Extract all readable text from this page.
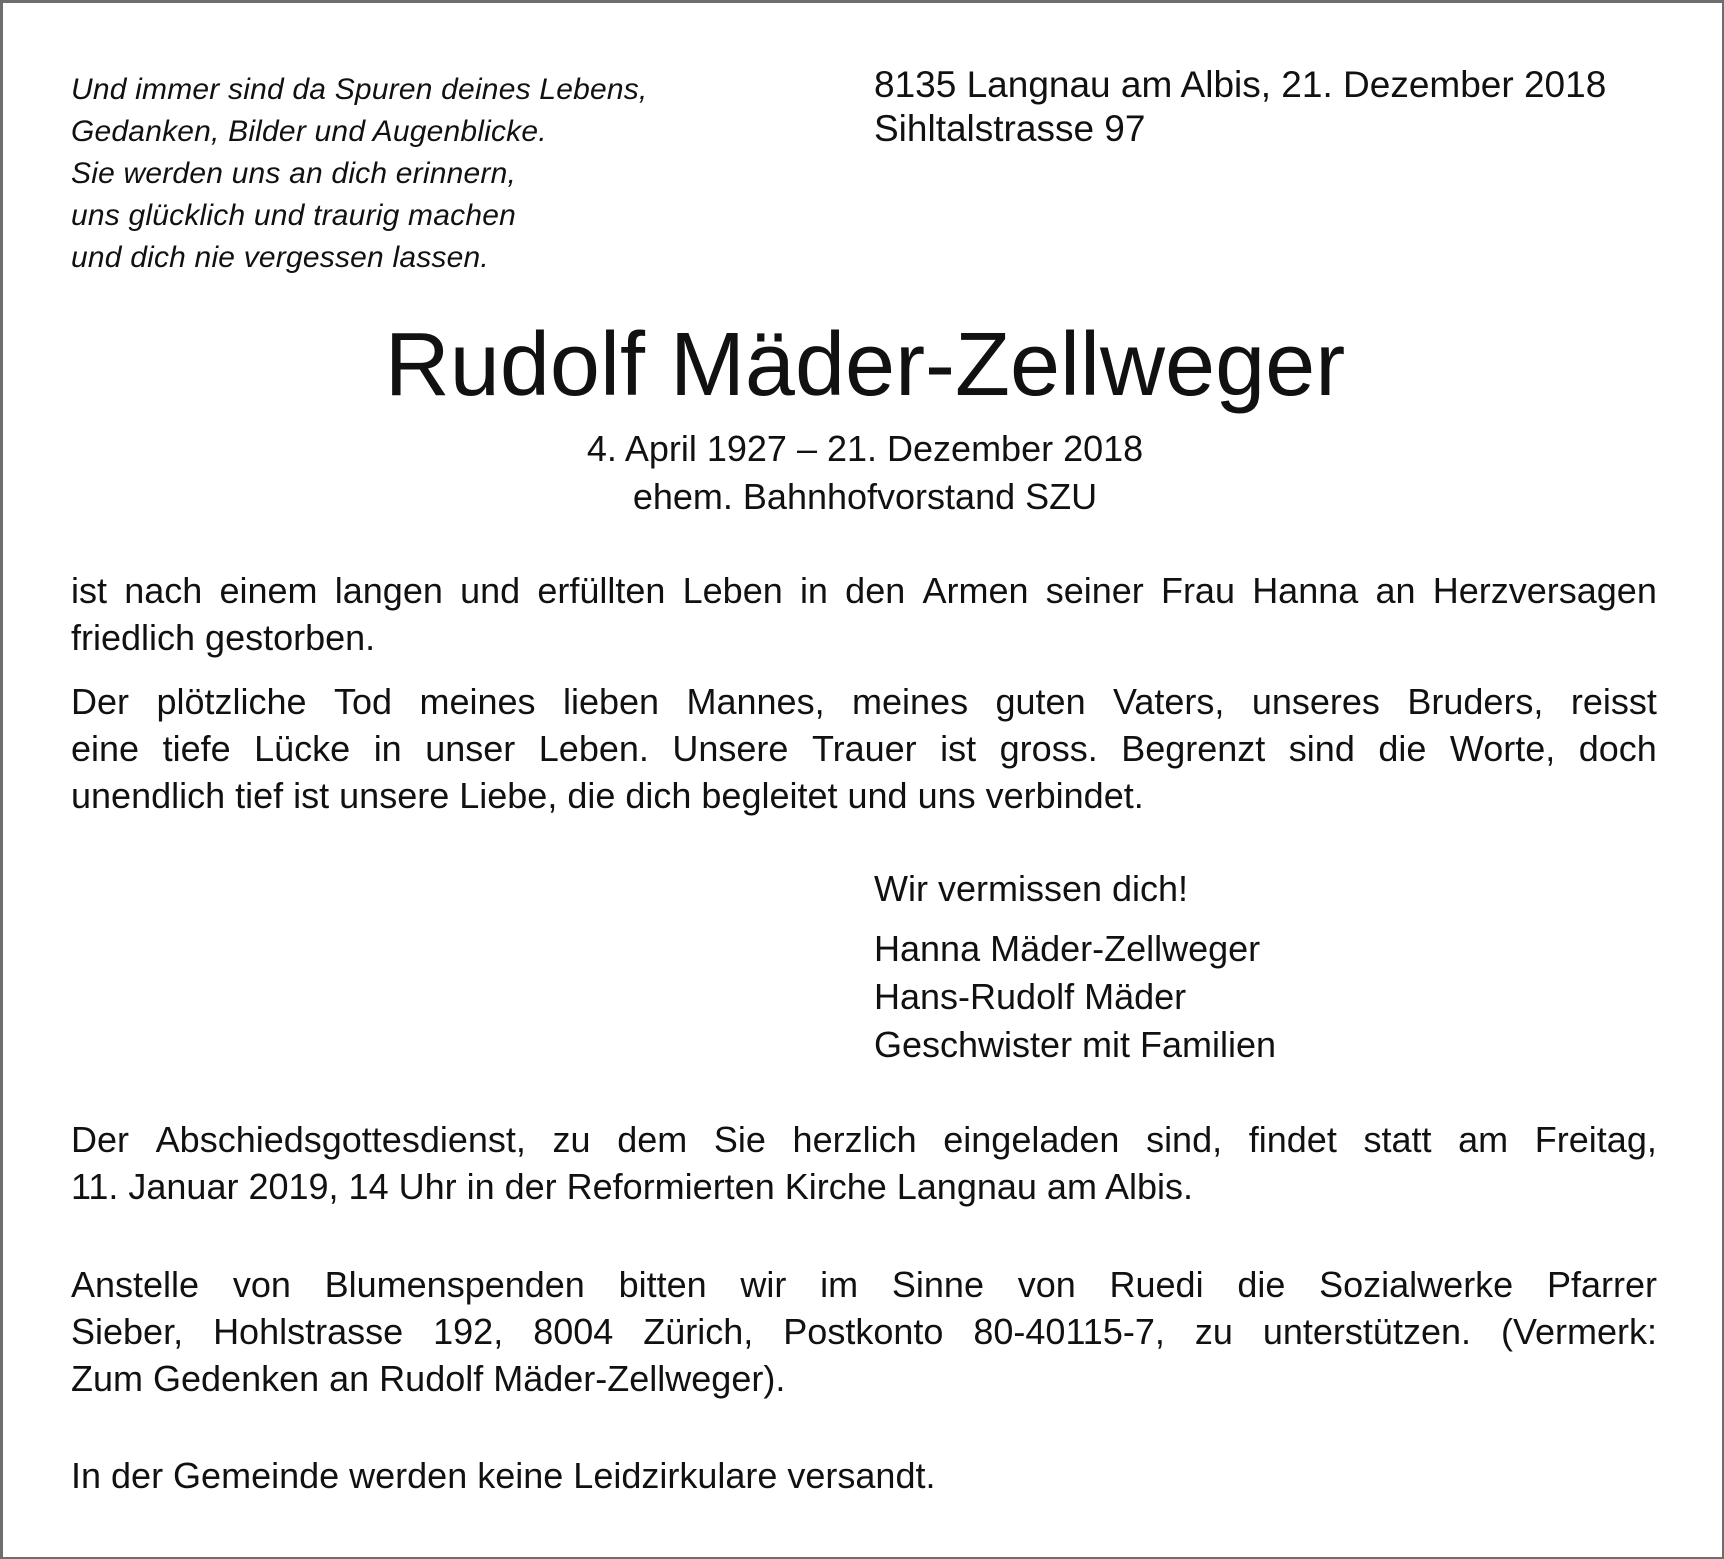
Und immer sind da Spuren deines Lebens,
Gedanken, Bilder und Augenblicke.
Sie werden uns an dich erinnern,
uns glücklich und traurig machen
und dich nie vergessen lassen.
8135 Langnau am Albis, 21. Dezember 2018
Sihltalstrasse 97
Rudolf Mäder-Zellweger
4. April 1927 – 21. Dezember 2018
ehem. Bahnhofvorstand SZU
ist nach einem langen und erfüllten Leben in den Armen seiner Frau Hanna an Herzversagen
friedlich gestorben.
Der plötzliche Tod meines lieben Mannes, meines guten Vaters, unseres Bruders, reisst
eine tiefe Lücke in unser Leben. Unsere Trauer ist gross. Begrenzt sind die Worte, doch
unendlich tief ist unsere Liebe, die dich begleitet und uns verbindet.
Wir vermissen dich!
Hanna Mäder-Zellweger
Hans-Rudolf Mäder
Geschwister mit Familien
Der Abschiedsgottesdienst, zu dem Sie herzlich eingeladen sind, findet statt am Freitag,
11. Januar 2019, 14 Uhr in der Reformierten Kirche Langnau am Albis.
Anstelle von Blumenspenden bitten wir im Sinne von Ruedi die Sozialwerke Pfarrer
Sieber, Hohlstrasse 192, 8004 Zürich, Postkonto 80-40115-7, zu unterstützen. (Vermerk:
Zum Gedenken an Rudolf Mäder-Zellweger).
In der Gemeinde werden keine Leidzirkulare versandt.
